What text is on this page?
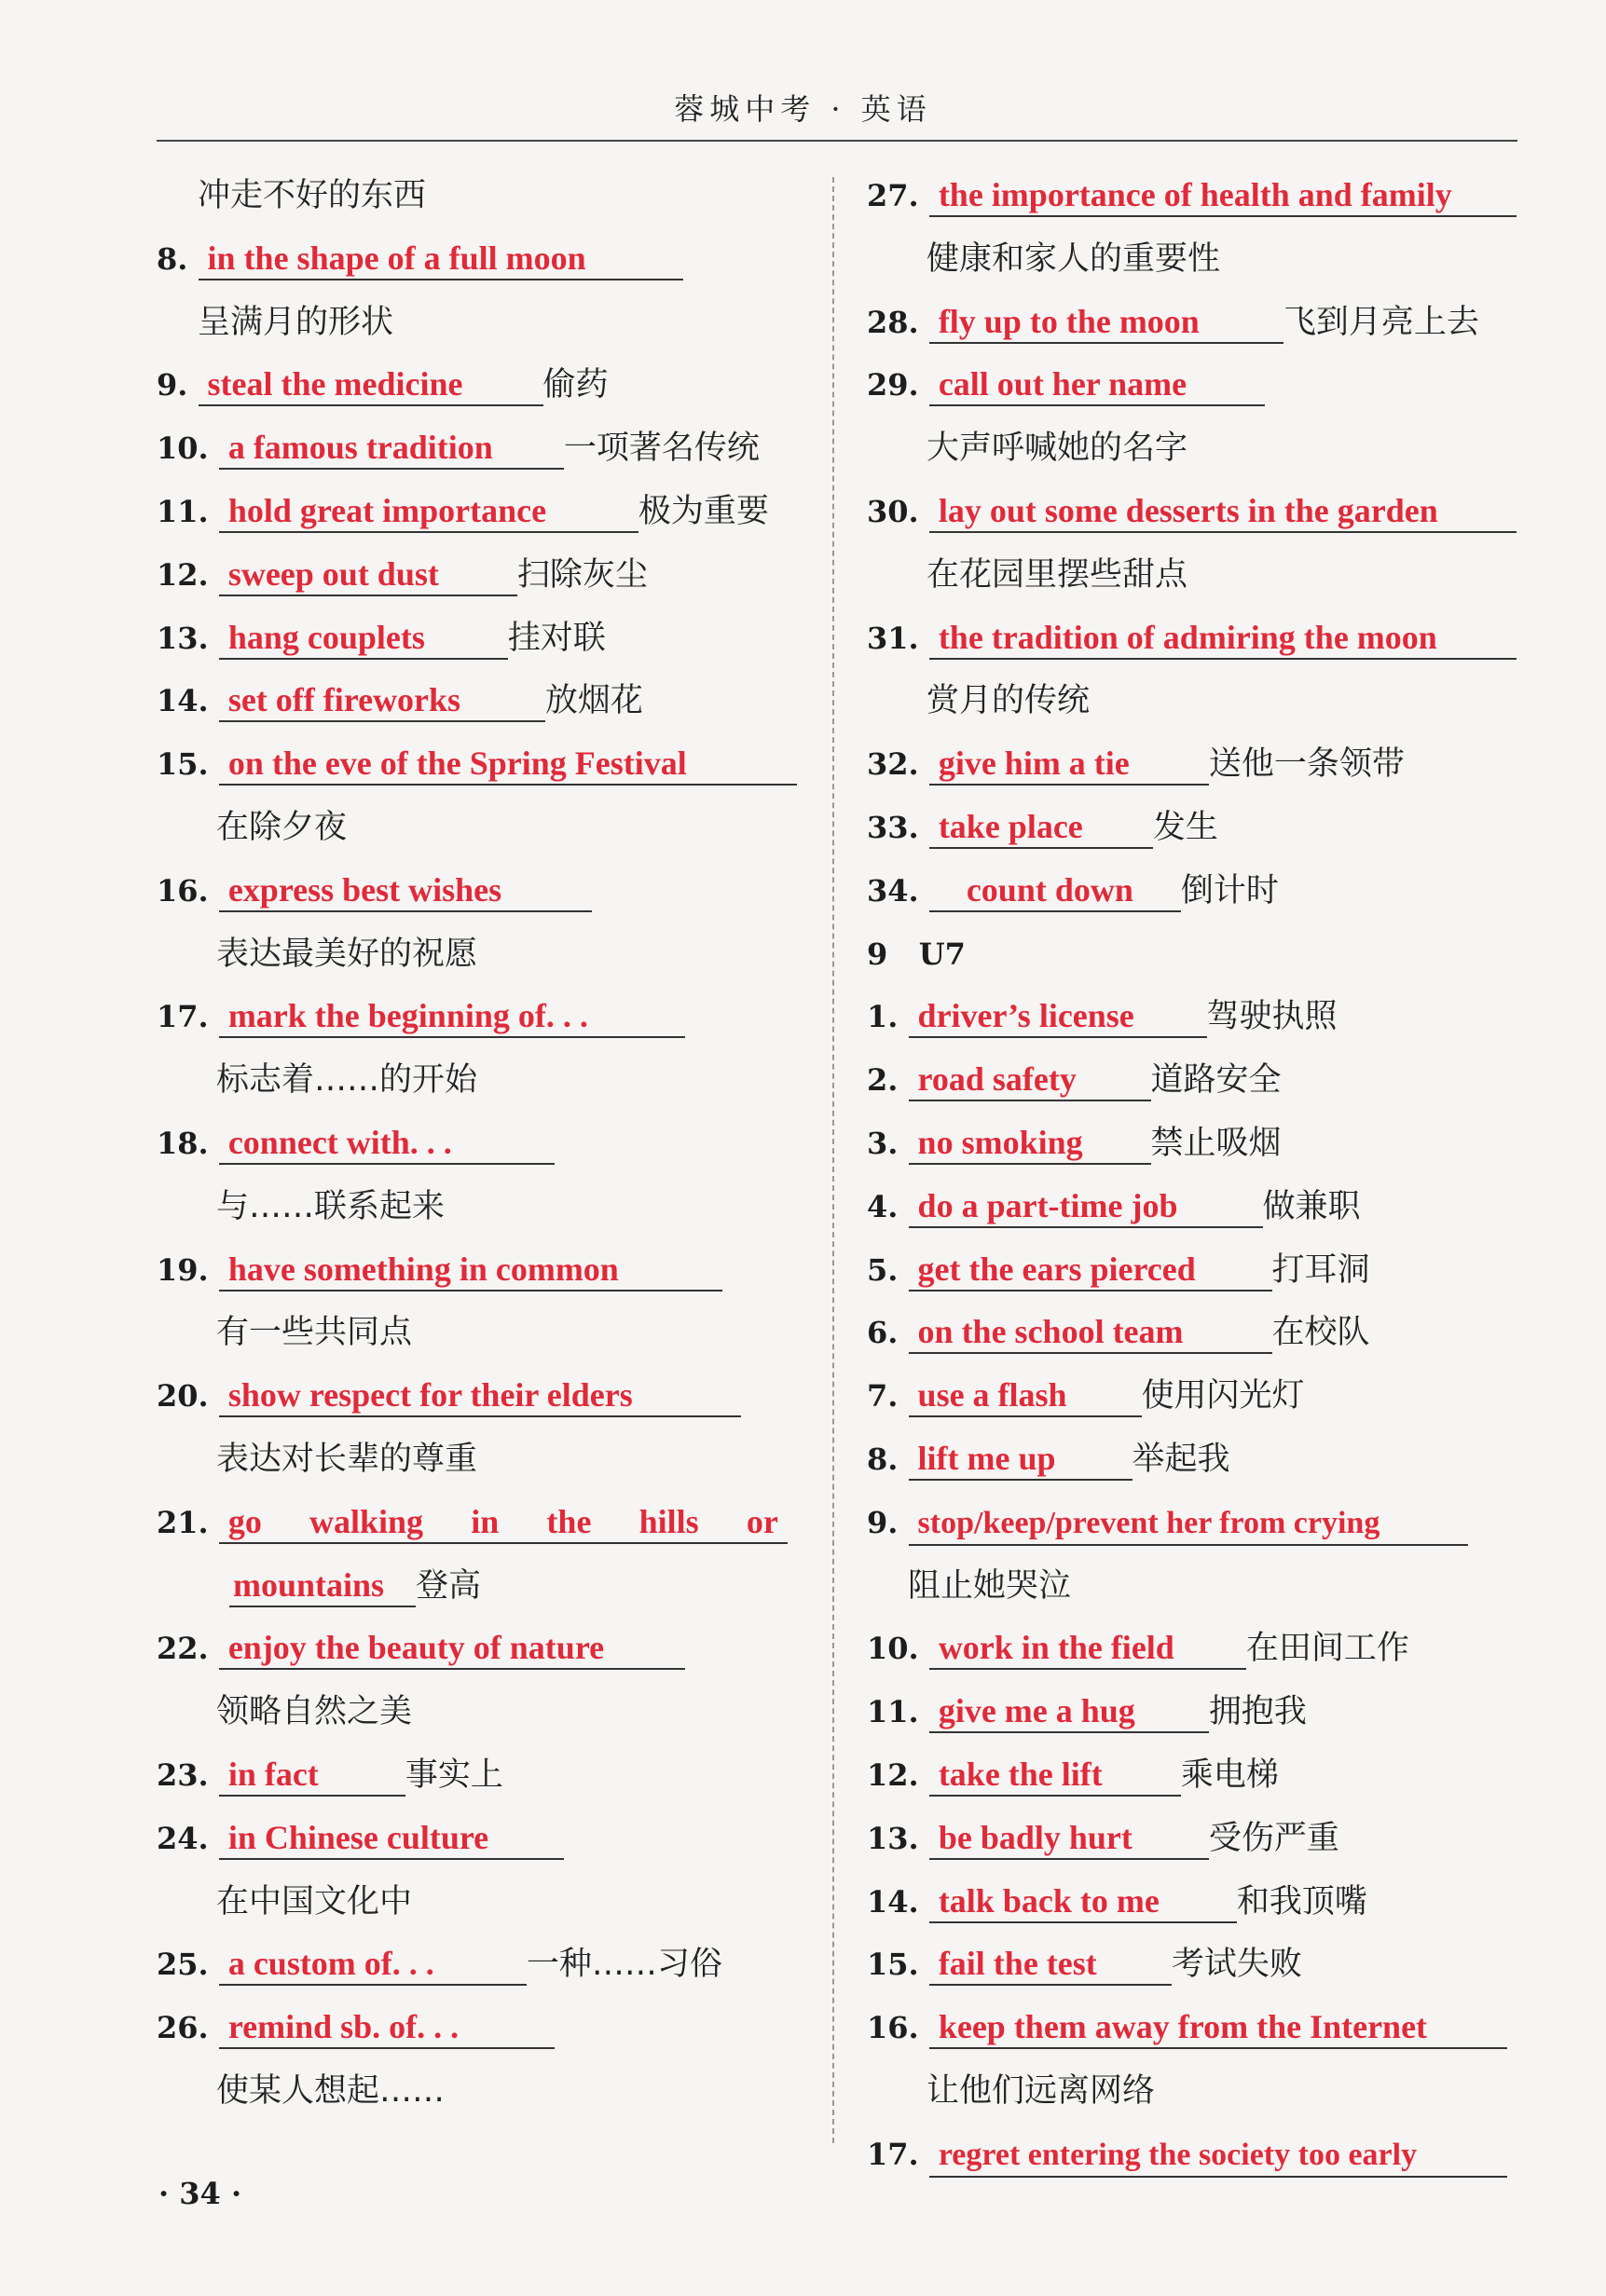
蓉城中考 · 英语
冲走不好的东西
8. in the shape of a full moon
呈满月的形状
9. steal the medicine 偷药
10. a famous tradition 一项著名传统
11. hold great importance	极为重要
12. sweep out dust 扫除灰尘
13. hang couplets	挂对联
14. set off fireworks	放烟花
15. on the eve of the Spring Festival
在除夕夜
16. express best wishes
表达最美好的祝愿
17. mark the beginning of. . .
标志着……的开始
18. connect with. . .
与……联系起来
19. have something in common
有一些共同点
20. show respect for their elders
表达对长辈的尊重
21. go walking in the hills or
mountains 登高
22. enjoy the beauty of nature
领略自然之美
23. in fact	事实上
24. in Chinese culture
在中国文化中
25. a custom of. . .	一种……习俗
26. remind sb. of. . .
使某人想起……
27. the importance of health and family
健康和家人的重要性
28. fly up to the moon	飞到月亮上去
29. call out her name
大声呼喊她的名字
30. lay out some desserts in the garden
在花园里摆些甜点
31. the tradition of admiring the moon
赏月的传统
32. give him a tie 送他一条领带
33. take place 发生
34. count down 倒计时
9 U7
1. driver’s license 驾驶执照
2. road safety 道路安全
3. no smoking 禁止吸烟
4. do a part-time job	做兼职
5. get the ears pierced 打耳洞
6. on the school team	在校队
7. use a flash 使用闪光灯
8. lift me up 举起我
9. stop/keep/prevent her from crying
阻止她哭泣
10. work in the field 在田间工作
11. give me a hug 拥抱我
12. take the lift 乘电梯
13. be badly hurt 受伤严重
14. talk back to me 和我顶嘴
15. fail the test 考试失败
16. keep them away from the Internet
让他们远离网络
17. regret entering the society too early
· 34 ·
